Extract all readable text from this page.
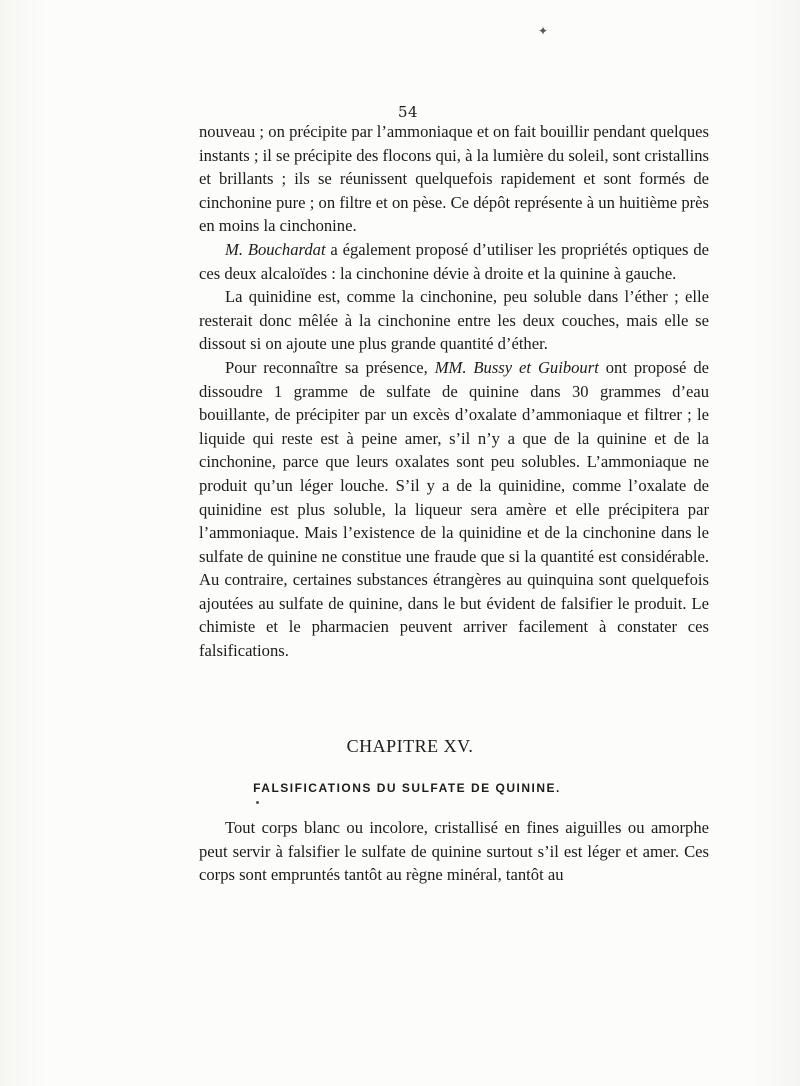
✦
54

nouveau ; on précipite par l’ammoniaque et on fait bouillir pendant quelques instants ; il se précipite des flocons qui, à la lumière du soleil, sont cristallins et brillants ; ils se réunissent quelquefois rapidement et sont formés de cinchonine pure ; on filtre et on pèse. Ce dépôt représente à un huitième près en moins la cinchonine.

M. Bouchardat a également proposé d’utiliser les propriétés optiques de ces deux alcaloïdes : la cinchonine dévie à droite et la quinine à gauche.

La quinidine est, comme la cinchonine, peu soluble dans l’éther ; elle resterait donc mêlée à la cinchonine entre les deux couches, mais elle se dissout si on ajoute une plus grande quantité d’éther.

Pour reconnaître sa présence, MM. Bussy et Guibourt ont proposé de dissoudre 1 gramme de sulfate de quinine dans 30 grammes d’eau bouillante, de précipiter par un excès d’oxalate d’ammoniaque et filtrer ; le liquide qui reste est à peine amer, s’il n’y a que de la quinine et de la cinchonine, parce que leurs oxalates sont peu solubles. L’ammoniaque ne produit qu’un léger louche. S’il y a de la quinidine, comme l’oxalate de quinidine est plus soluble, la liqueur sera amère et elle précipitera par l’ammoniaque. Mais l’existence de la quinidine et de la cinchonine dans le sulfate de quinine ne constitue une fraude que si la quantité est considérable. Au contraire, certaines substances étrangères au quinquina sont quelquefois ajoutées au sulfate de quinine, dans le but évident de falsifier le produit. Le chimiste et le pharmacien peuvent arriver facilement à constater ces falsifications.

CHAPITRE XV.
FALSIFICATIONS DU SULFATE DE QUININE.

Tout corps blanc ou incolore, cristallisé en fines aiguilles ou amorphe peut servir à falsifier le sulfate de quinine surtout s’il est léger et amer. Ces corps sont empruntés tantôt au règne minéral, tantôt au
